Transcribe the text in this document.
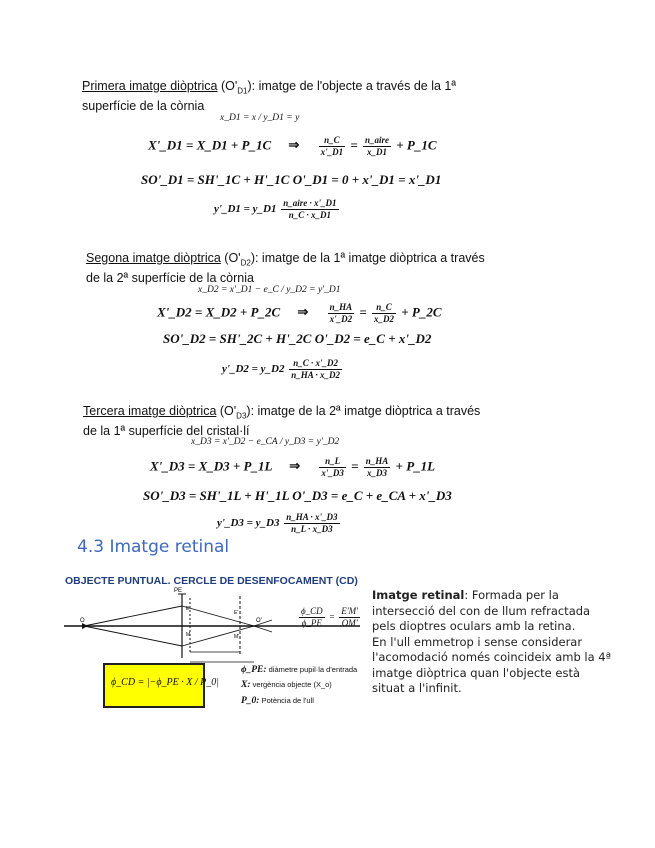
Primera imatge diòptrica $(O'_{D1})$: imatge de l'objecte a través de la 1ª
superfície de la còrnia
x_D1 = x / y_D1 = y
X'_D1 = X_D1 + P_1C ⇒ $\frac{n\_C}{x'\_D1} = \frac{\text{n\_aire}}{x\_D1}$ + P_1C
SO'_D1 = SH'_1C + H'_1C O'_D1 = 0 + x'_D1 = x'_D1
y'_D1 = y_D1 $\frac{\text{n\_aire · x'\_D1}}{n\_C \cdot x\_D1}$
Segona imatge diòptrica $(O'_{D2})$: imatge de la 1ª imatge diòptrica a través
de la 2ª superfície de la còrnia
x_D2 = x'_D1 − e_C / y_D2 = y'_D1
X'_D2 = X_D2 + P_2C ⇒ $\frac{n\_HA}{x'\_D2} = \frac{n\_C}{x\_D2}$ + P_2C
SO'_D2 = SH'_2C + H'_2C O'_D2 = e_C + x'_D2
y'_D2 = y_D2 $\frac{n\_C \cdot x'\_D2}{n\_HA \cdot x\_D2}$
Tercera imatge diòptrica $(O'_{D3})$: imatge de la 2ª imatge diòptrica a través
de la 1ª superfície del cristal·lí
x_D3 = x'_D2 − e_CA / y_D3 = y'_D2
X'_D3 = X_D3 + P_1L ⇒ $\frac{n\_L}{x'\_D3} = \frac{n\_HA}{x\_D3}$ + P_1L
SO'_D3 = SH'_1L + H'_1L O'_D3 = e_C + e_CA + x'_D3
y'_D3 = y_D3 $\frac{n\_HA \cdot x'\_D3}{n\_L \cdot x\_D3}$
4.3 Imatge retinal
OBJECTE PUNTUAL. CERCLE DE DESENFOCAMENT (CD)
PE
O	O'
M
E
E'
M'
$\frac{\phi\_CD}{\phi\_PE} = \frac{E'M'}{OM'}$
ϕ_CD = |−ϕ_PE · X / P_0|
ϕ_PE: diàmetre pupil·la d'entrada
X: vergència objecte (X_o)
P_0: Potència de l'ull
Imatge retinal: Formada per la intersecció del con de llum refractada pels dioptres oculars amb la retina.
En l'ull emmetrop i sense considerar l'acomodació només coincideix amb la 4ª imatge diòptrica quan l'objecte està situat a l'infinit.
